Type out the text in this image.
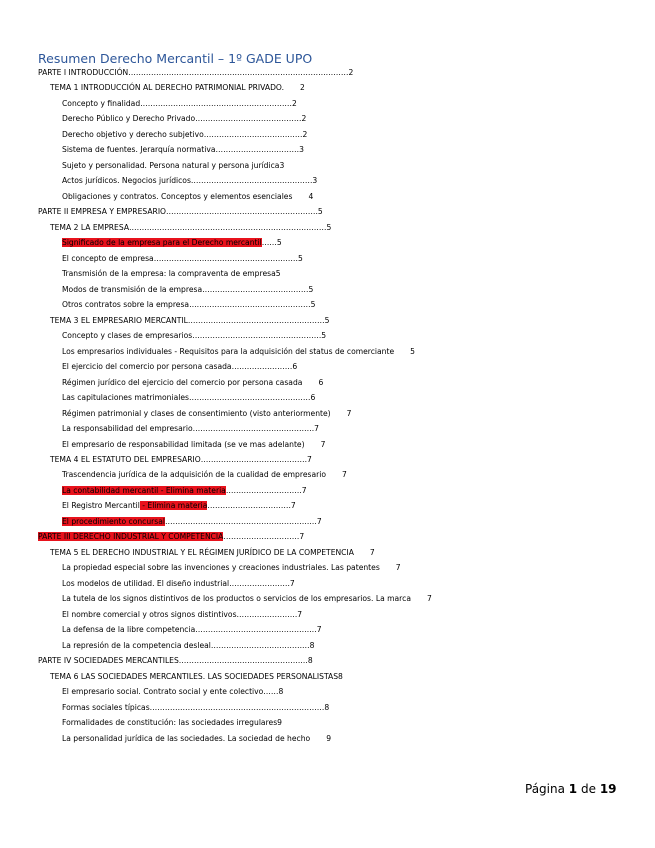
Resumen Derecho Mercantil – 1º GADE UPO
PARTE I INTRODUCCIÓN……………………………………………………………………………2
TEMA 1 INTRODUCCIÓN AL DERECHO PATRIMONIAL PRIVADO. 2
Concepto y finalidad……………………………………………………2
Derecho Público y Derecho Privado……………………………………2
Derecho objetivo y derecho subjetivo…………………………………2
Sistema de fuentes. Jerarquía normativa……………………………3
Sujeto y personalidad. Persona natural y persona jurídica3
Actos jurídicos. Negocios jurídicos…………………………………………3
Obligaciones y contratos. Conceptos y elementos esenciales 4
PARTE II EMPRESA Y EMPRESARIO……………………………………………………5
TEMA 2 LA EMPRESA……………………………………………………………………5
Significado de la empresa para el Derecho mercantil……5
El concepto de empresa…………………………………………………5
Transmisión de la empresa: la compraventa de empresa5
Modos de transmisión de la empresa……………………………………5
Otros contratos sobre la empresa…………………………………………5
TEMA 3 EL EMPRESARIO MERCANTIL………………………………………………5
Concepto y clases de empresarios……………………………………………5
Los empresarios individuales - Requisitos para la adquisición del status de comerciante 5
El ejercicio del comercio por persona casada……………………6
Régimen jurídico del ejercicio del comercio por persona casada 6
Las capitulaciones matrimoniales…………………………………………6
Régimen patrimonial y clases de consentimiento (visto anteriormente) 7
La responsabilidad del empresario…………………………………………7
El empresario de responsabilidad limitada (se ve mas adelante) 7
TEMA 4 EL ESTATUTO DEL EMPRESARIO……………………………………7
Trascendencia jurídica de la adquisición de la cualidad de empresario 7
La contabilidad mercantil - Elimina materia…………………………7
El Registro Mercantil - Elimina materia……………………………7
El procedimiento concursal……………………………………………………7
PARTE III DERECHO INDUSTRIAL Y COMPETENCIA…………………………7
TEMA 5 EL DERECHO INDUSTRIAL Y EL RÉGIMEN JURÍDICO DE LA COMPETENCIA 7
La propiedad especial sobre las invenciones y creaciones industriales. Las patentes 7
Los modelos de utilidad. El diseño industrial……………………7
La tutela de los signos distintivos de los productos o servicios de los empresarios. La marca 7
El nombre comercial y otros signos distintivos……………………7
La defensa de la libre competencia…………………………………………7
La represión de la competencia desleal…………………………………8
PARTE IV SOCIEDADES MERCANTILES……………………………………………8
TEMA 6 LAS SOCIEDADES MERCANTILES. LAS SOCIEDADES PERSONALISTAS8
El empresario social. Contrato social y ente colectivo……8
Formas sociales típicas……………………………………………………………8
Formalidades de constitución: las sociedades irregulares9
La personalidad jurídica de las sociedades. La sociedad de hecho 9
Página 1 de 19
